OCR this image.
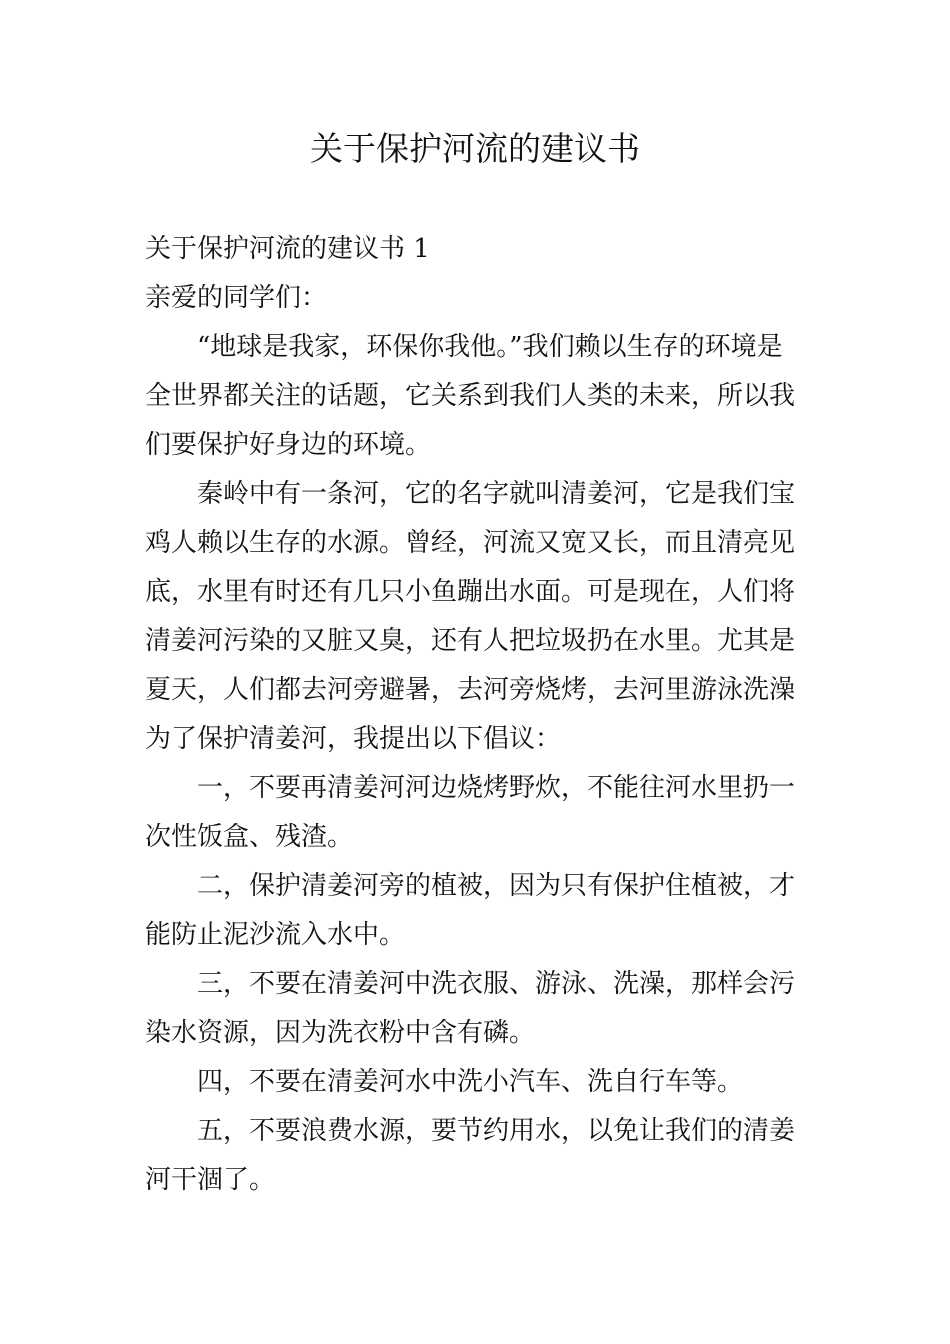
关于保护河流的建议书

关于保护河流的建议书 1

亲爱的同学们：

“地球是我家，环保你我他。”我们赖以生存的环境是全世界都关注的话题，它关系到我们人类的未来，所以我们要保护好身边的环境。

秦岭中有一条河，它的名字就叫清姜河，它是我们宝鸡人赖以生存的水源。曾经，河流又宽又长，而且清亮见底，水里有时还有几只小鱼蹦出水面。可是现在，人们将清姜河污染的又脏又臭，还有人把垃圾扔在水里。尤其是夏天，人们都去河旁避暑，去河旁烧烤，去河里游泳洗澡为了保护清姜河，我提出以下倡议：

一，不要再清姜河河边烧烤野炊，不能往河水里扔一次性饭盒、残渣。

二，保护清姜河旁的植被，因为只有保护住植被，才能防止泥沙流入水中。

三，不要在清姜河中洗衣服、游泳、洗澡，那样会污染水资源，因为洗衣粉中含有磷。

四，不要在清姜河水中洗小汽车、洗自行车等。

五，不要浪费水源，要节约用水，以免让我们的清姜河干涸了。
